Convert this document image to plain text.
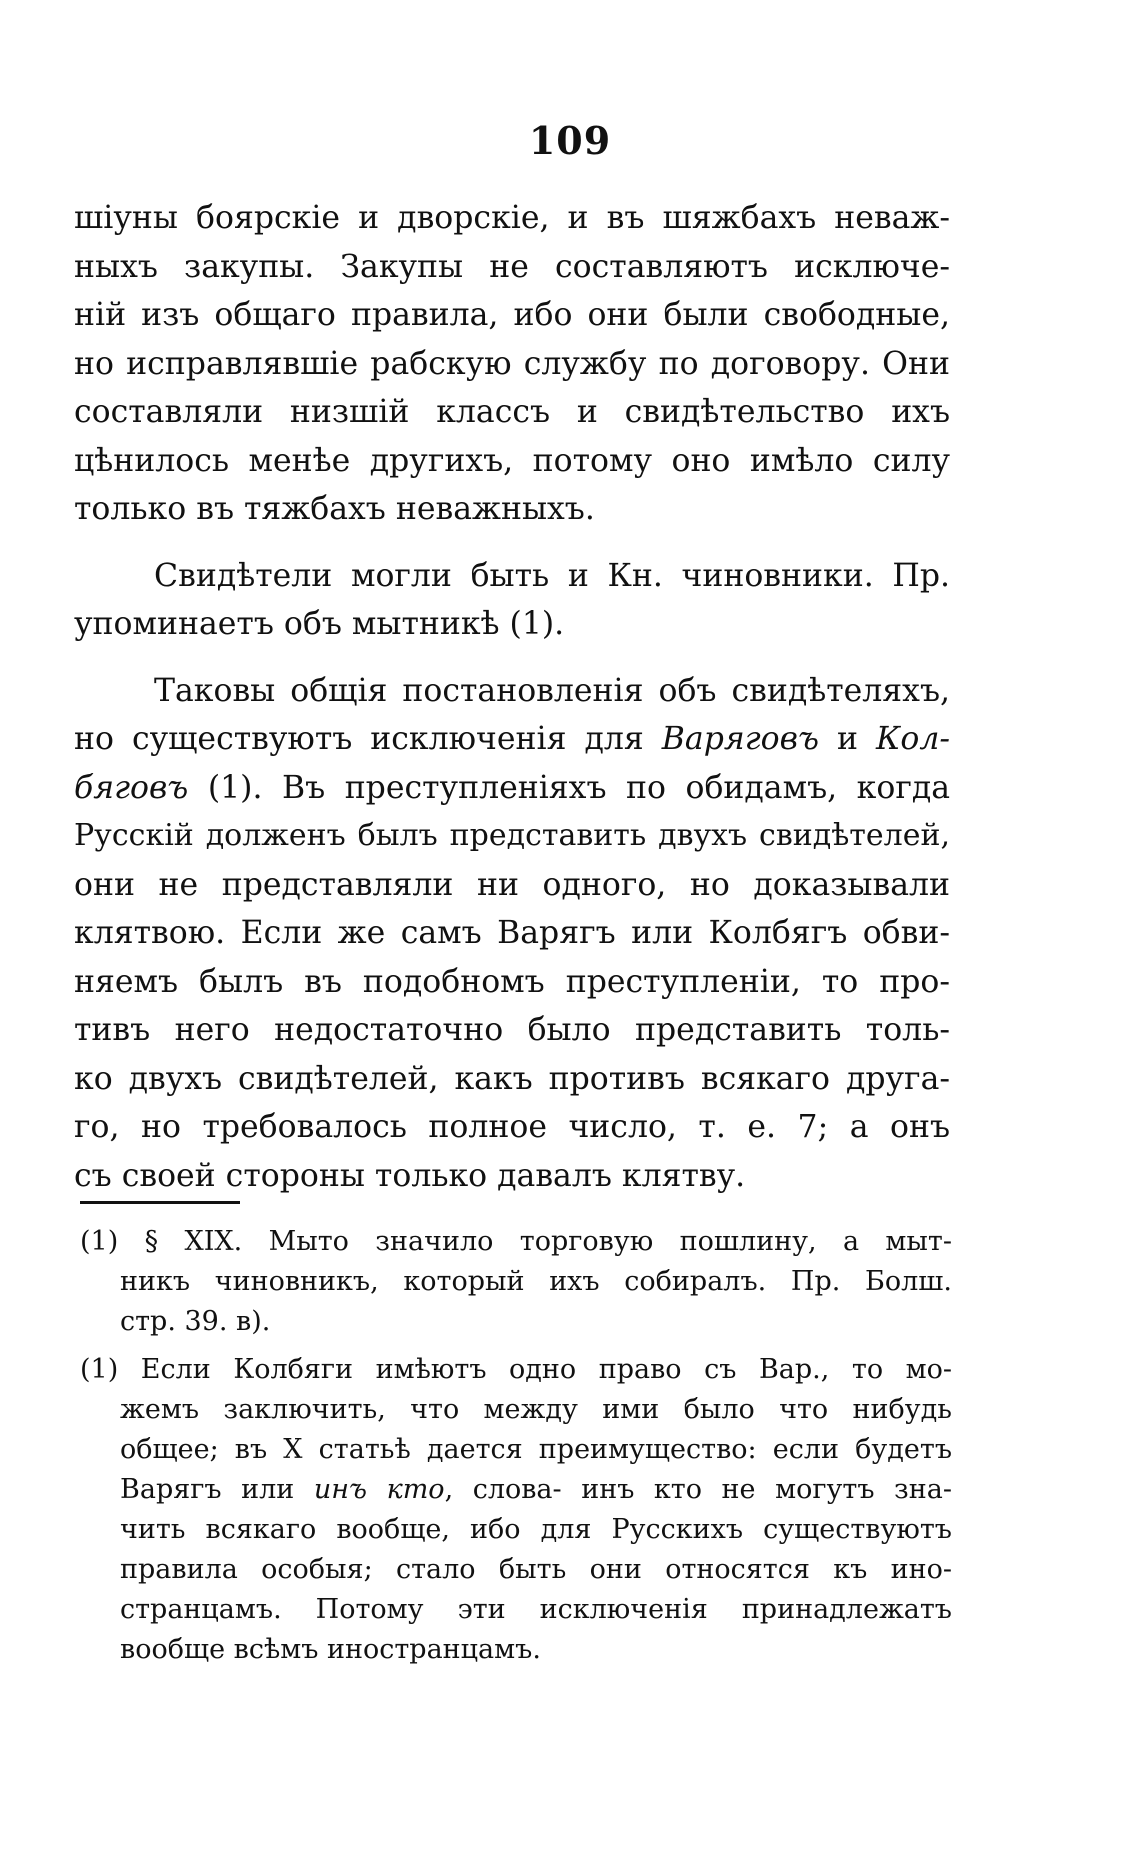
109
шіуны боярскіе и дворскіе, и въ шяжбахъ неваж-
ныхъ закупы. Закупы не составляютъ исключе-
ній изъ общаго правила, ибо они были свободные,
но исправлявшіе рабскую службу по договору. Они
составляли низшій классъ и свидѣтельство ихъ
цѣнилось менѣе другихъ, потому оно имѣло силу
только въ тяжбахъ неважныхъ.
Свидѣтели могли быть и Кн. чиновники. Пр.
упоминаетъ объ мытникѣ (1).
Таковы общія постановленія объ свидѣтеляхъ,
но существуютъ исключенія для Варяговъ и Кол-
бяговъ (1). Въ преступленіяхъ по обидамъ, когда
Русскій долженъ былъ представить двухъ свидѣтелей,
они не представляли ни одного, но доказывали
клятвою. Если же самъ Варягъ или Колбягъ обви-
няемъ былъ въ подобномъ преступленіи, то про-
тивъ него недостаточно было представить толь-
ко двухъ свидѣтелей, какъ противъ всякаго друга-
го, но требовалось полное число, т. е. 7; а онъ
съ своей стороны только давалъ клятву.
(1) § XIX. Мыто значило торговую пошлину, а мыт-
никъ чиновникъ, который ихъ собиралъ. Пр. Болш.
стр. 39. в).
(1) Если Колбяги имѣютъ одно право съ Вар., то мо-
жемъ заключить, что между ими было что нибудь
общее; въ X статьѣ дается преимущество: если будетъ
Варягъ или инъ кто, слова- инъ кто не могутъ зна-
чить всякаго вообще, ибо для Русскихъ существуютъ
правила особыя; стало быть они относятся къ ино-
странцамъ. Потому эти исключенія принадлежатъ
вообще всѣмъ иностранцамъ.
